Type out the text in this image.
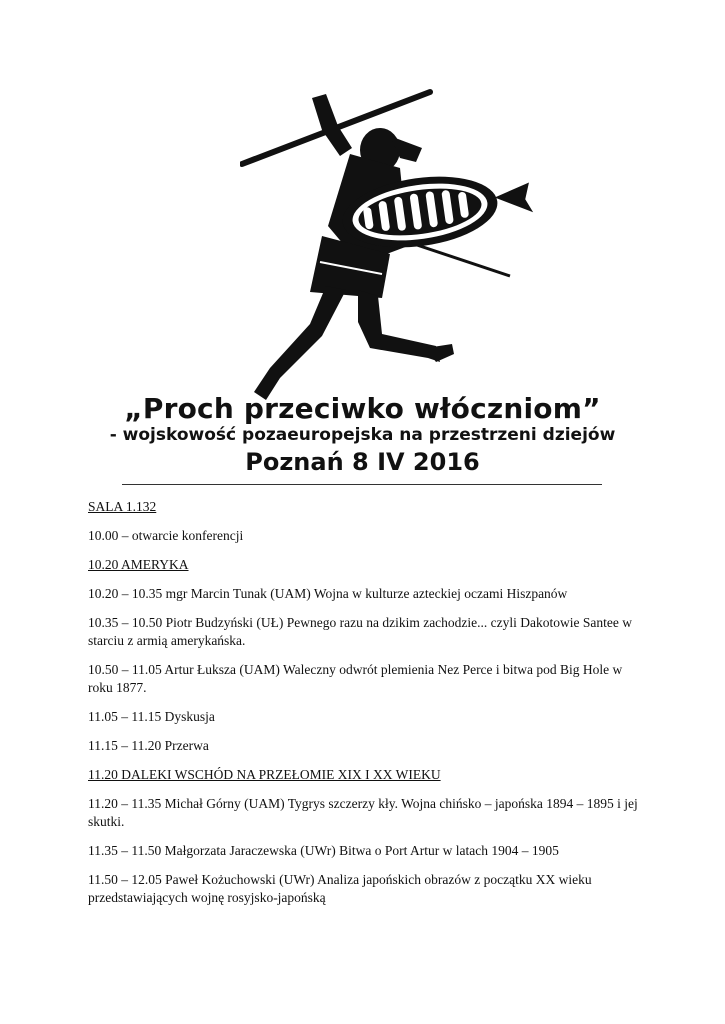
„Proch przeciwko włóczniom”
- wojskowość pozaeuropejska na przestrzeni dziejów
Poznań 8 IV 2016

SALA 1.132

10.00 – otwarcie konferencji

10.20 AMERYKA

10.20 – 10.35 mgr Marcin Tunak (UAM) Wojna w kulturze azteckiej oczami Hiszpanów

10.35 – 10.50 Piotr Budzyński (UŁ) Pewnego razu na dzikim zachodzie... czyli Dakotowie Santee w starciu z armią amerykańska.

10.50 – 11.05 Artur Łuksza (UAM) Waleczny odwrót plemienia Nez Perce i bitwa pod Big Hole w roku 1877.

11.05 – 11.15 Dyskusja

11.15 – 11.20 Przerwa

11.20 DALEKI WSCHÓD NA PRZEŁOMIE XIX I XX WIEKU

11.20 – 11.35 Michał Górny (UAM) Tygrys szczerzy kły. Wojna chińsko – japońska 1894 – 1895 i jej skutki.

11.35 – 11.50 Małgorzata Jaraczewska (UWr) Bitwa o Port Artur w latach 1904 – 1905

11.50 – 12.05 Paweł Kożuchowski (UWr) Analiza japońskich obrazów z początku XX wieku przedstawiających wojnę rosyjsko-japońską
